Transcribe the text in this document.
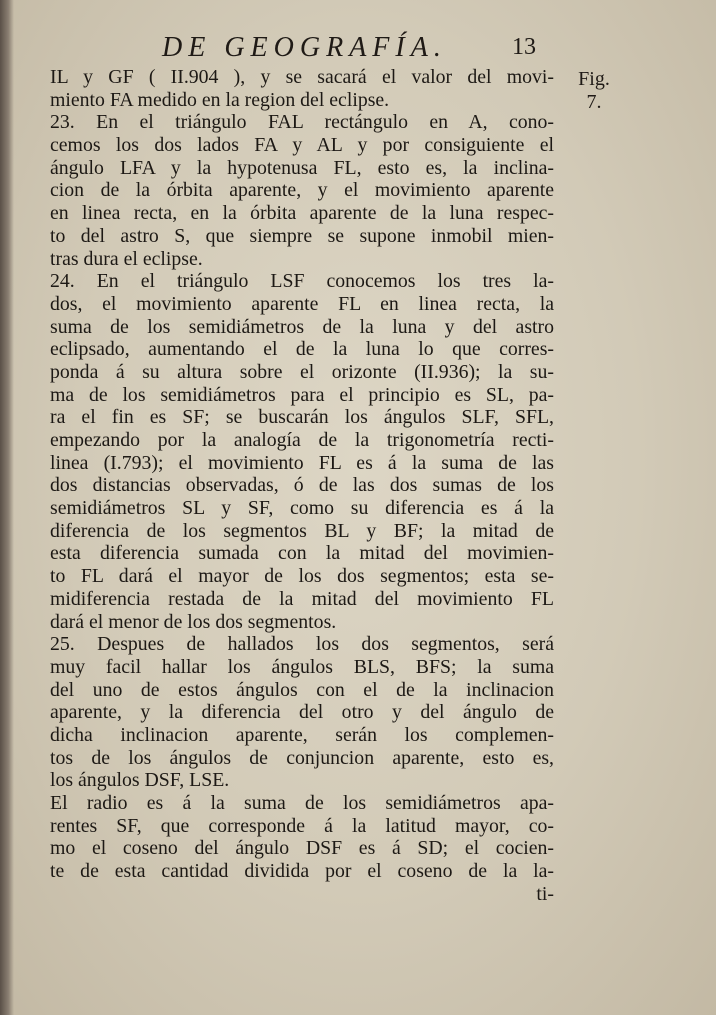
DE GEOGRAFÍA.	13
Fig.
7.
IL y GF ( II.904 ), y se sacará el valor del movi-
miento FA medido en la region del eclipse.
23. En el triángulo FAL rectángulo en A, cono-
cemos los dos lados FA y AL y por consiguiente el
ángulo LFA y la hypotenusa FL, esto es, la inclina-
cion de la órbita aparente, y el movimiento aparente
en linea recta, en la órbita aparente de la luna respec-
to del astro S, que siempre se supone inmobil mien-
tras dura el eclipse.
24. En el triángulo LSF conocemos los tres la-
dos, el movimiento aparente FL en linea recta, la
suma de los semidiámetros de la luna y del astro
eclipsado, aumentando el de la luna lo que corres-
ponda á su altura sobre el orizonte (II.936); la su-
ma de los semidiámetros para el principio es SL, pa-
ra el fin es SF; se buscarán los ángulos SLF, SFL,
empezando por la analogía de la trigonometría recti-
linea (I.793); el movimiento FL es á la suma de las
dos distancias observadas, ó de las dos sumas de los
semidiámetros SL y SF, como su diferencia es á la
diferencia de los segmentos BL y BF; la mitad de
esta diferencia sumada con la mitad del movimien-
to FL dará el mayor de los dos segmentos; esta se-
midiferencia restada de la mitad del movimiento FL
dará el menor de los dos segmentos.
25. Despues de hallados los dos segmentos, será
muy facil hallar los ángulos BLS, BFS; la suma
del uno de estos ángulos con el de la inclinacion
aparente, y la diferencia del otro y del ángulo de
dicha inclinacion aparente, serán los complemen-
tos de los ángulos de conjuncion aparente, esto es,
los ángulos DSF, LSE.
El radio es á la suma de los semidiámetros apa-
rentes SF, que corresponde á la latitud mayor, co-
mo el coseno del ángulo DSF es á SD; el cocien-
te de esta cantidad dividida por el coseno de la la-
ti-
